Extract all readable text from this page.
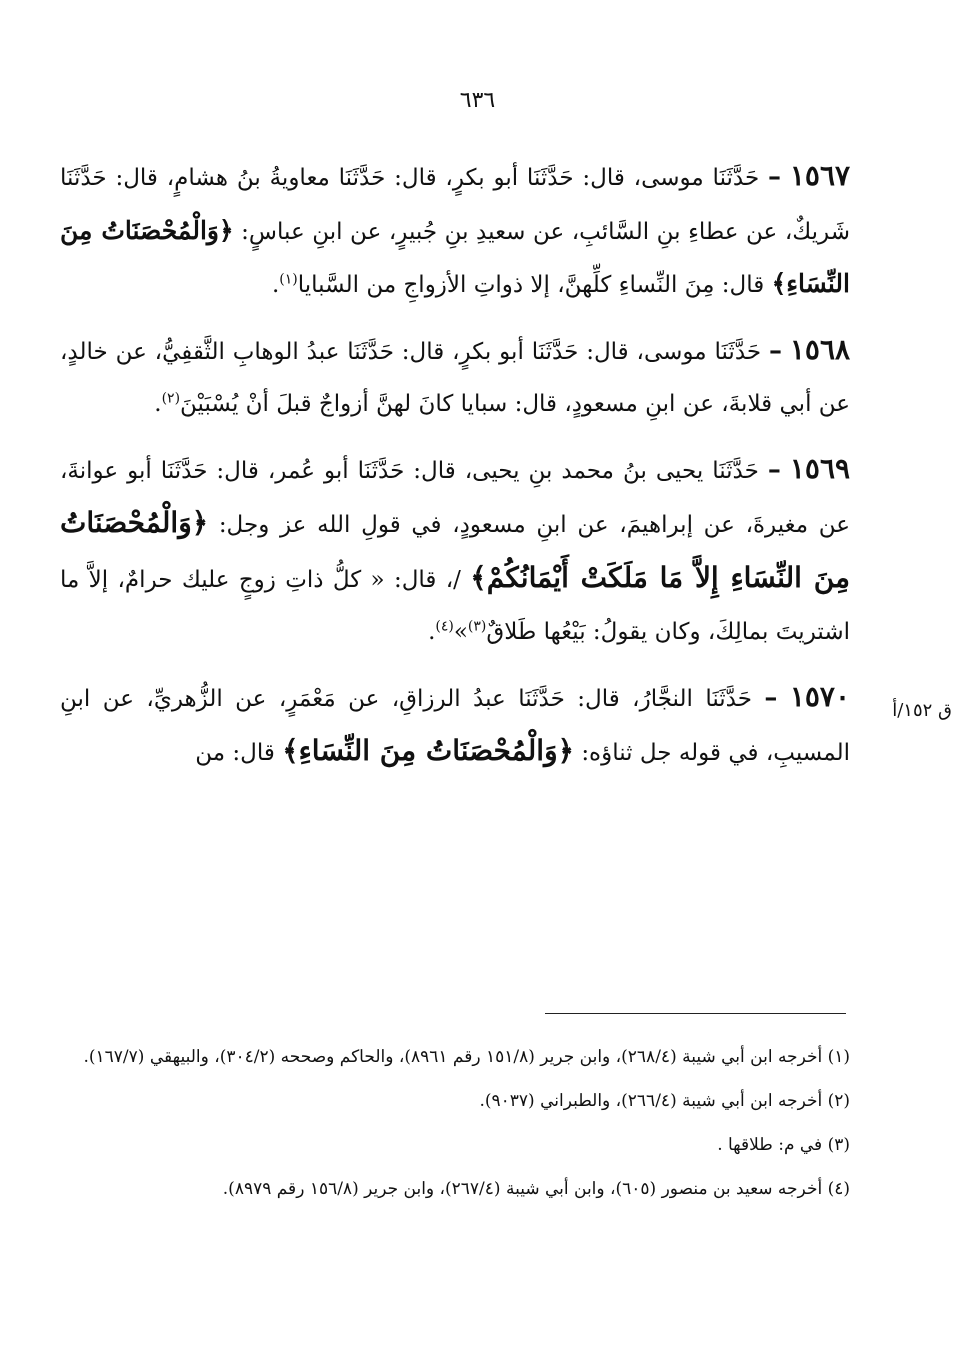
٦٣٦
ق ١٥٢/أ

١٥٦٧ – حَدَّثَنَا موسى، قال: حَدَّثَنَا أبو بكرٍ، قال: حَدَّثَنَا معاويةُ بنُ هشامٍ، قال: حَدَّثَنَا شَريكٌ، عن عطاءِ بنِ السَّائبِ، عن سعيدِ بنِ جُبيرٍ، عن ابنِ عباسٍ: ﴿وَالْمُحْصَنَاتُ مِنَ النِّسَاءِ﴾ قال: مِنَ النِّساءِ كلِّهنَّ، إلا ذواتِ الأزواجِ من السَّبايا$^{(١)}$.

١٥٦٨ – حَدَّثَنَا موسى، قال: حَدَّثَنَا أبو بكرٍ، قال: حَدَّثَنَا عبدُ الوهابِ الثَّقفِيُّ، عن خالدٍ، عن أبي قلابةَ، عن ابنِ مسعودٍ، قال: سبايا كانَ لهنَّ أزواجٌ قبلَ أنْ يُسْبَيْنَ$^{(٢)}$.

١٥٦٩ – حَدَّثَنَا يحيى بنُ محمد بنِ يحيى، قال: حَدَّثَنَا أبو عُمر، قال: حَدَّثَنَا أبو عوانةَ، عن مغيرةَ، عن إبراهيمَ، عن ابنِ مسعودٍ، في قولِ الله عز وجل: ﴿وَالْمُحْصَنَاتُ مِنَ النِّسَاءِ إِلاَّ مَا مَلَكَتْ أَيْمَانُكُمْ﴾ /، قال: « كلُّ ذاتِ زوجٍ عليك حرامٌ، إلاَّ ما اشتريتَ بمالِكَ، وكان يقولُ: بَيْعُها طَلاقٌ$^{(٣)}$»$^{(٤)}$.

١٥٧٠ – حَدَّثَنَا النجَّارُ، قال: حَدَّثَنَا عبدُ الرزاقِ، عن مَعْمَرٍ، عن الزُّهريِّ، عن ابنِ المسيبِ، في قوله جل ثناؤه: ﴿وَالْمُحْصَنَاتُ مِنَ النِّسَاءِ﴾ قال: من

(١) أخرجه ابن أبي شيبة (٢٦٨/٤)، وابن جرير (١٥١/٨ رقم ٨٩٦١)، والحاكم وصححه (٣٠٤/٢)، والبيهقي (١٦٧/٧).

(٢) أخرجه ابن أبي شيبة (٢٦٦/٤)، والطبراني (٩٠٣٧).

(٣) في م: طلاقها .

(٤) أخرجه سعيد بن منصور (٦٠٥)، وابن أبي شيبة (٢٦٧/٤)، وابن جرير (١٥٦/٨ رقم ٨٩٧٩).
